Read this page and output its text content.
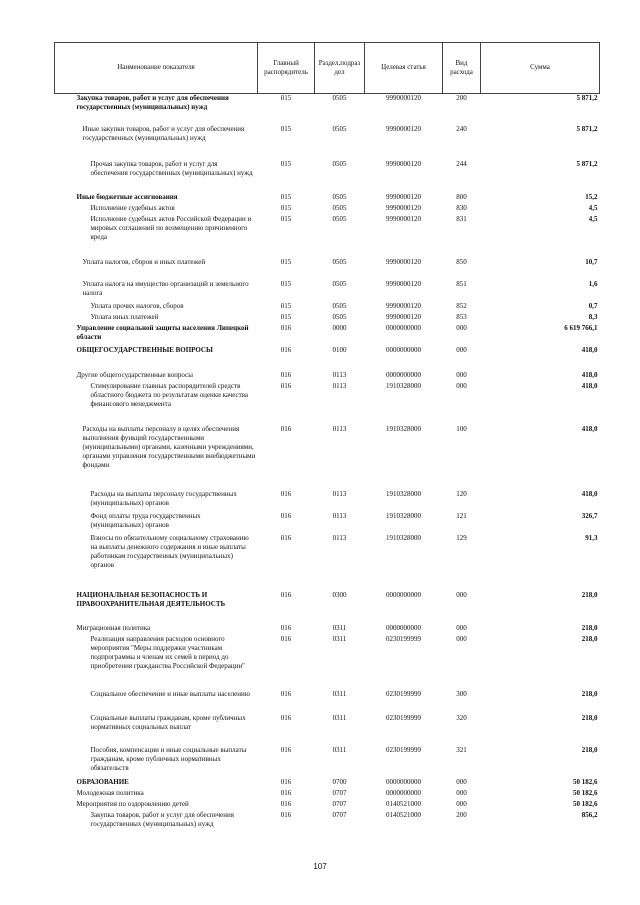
Наименование показателя	Главный распорядитель	Раздел,подраз дел	Целевая статья	Вид расхода	Сумма
Закупка товаров, работ и услуг для обеспечения государственных (муниципальных) нужд	015	0505	9990000120	200	5 871,2
Иные закупки товаров, работ и услуг для обеспечения государственных (муниципальных) нужд	015	0505	9990000120	240	5 871,2
Прочая закупка товаров, работ и услуг для обеспечения государственных (муниципальных) нужд	015	0505	9990000120	244	5 871,2
Иные бюджетные ассигнования	015	0505	9990000120	800	15,2
Исполнение судебных актов	015	0505	9990000120	830	4,5
Исполнение судебных актов Российской Федерации и мировых соглашений по возмещению причиненного вреда	015	0505	9990000120	831	4,5
Уплата налогов, сборов и иных платежей	015	0505	9990000120	850	10,7
Уплата налога на имущество организаций и земельного налога	015	0505	9990000120	851	1,6
Уплата прочих налогов, сборов	015	0505	9990000120	852	0,7
Уплата иных платежей	015	0505	9990000120	853	8,3
Управление социальной защиты населения Липецкой области	016	0000	0000000000	000	6 619 766,1
ОБЩЕГОСУДАРСТВЕННЫЕ ВОПРОСЫ	016	0100	0000000000	000	418,0
Другие общегосударственные вопросы	016	0113	0000000000	000	418,0
Стимулирование главных распорядителей средств областного бюджета по результатам оценки качества финансового менеджмента	016	0113	1910328000	000	418,0
Расходы на выплаты персоналу в целях обеспечения выполнения функций государственными (муниципальными) органами, казенными учреждениями, органами управления государственными внебюджетными фондами	016	0113	1910328000	100	418,0
Расходы на выплаты персоналу государственных (муниципальных) органов	016	0113	1910328000	120	418,0
Фонд оплаты труда государственных (муниципальных) органов	016	0113	1910328000	121	326,7
Взносы по обязательному социальному страхованию на выплаты денежного содержания и иные выплаты работникам государственных (муниципальных) органов	016	0113	1910328000	129	91,3
НАЦИОНАЛЬНАЯ БЕЗОПАСНОСТЬ И ПРАВООХРАНИТЕЛЬНАЯ ДЕЯТЕЛЬНОСТЬ	016	0300	0000000000	000	218,0
Миграционная политика	016	0311	0000000000	000	218,0
Реализация направления расходов основного мероприятия "Меры поддержки участникам подпрограммы и членам их семей в период до приобретения гражданства Российской Федерации"	016	0311	0230199999	000	218,0
Социальное обеспечение и иные выплаты населению	016	0311	0230199999	300	218,0
Социальные выплаты гражданам, кроме публичных нормативных социальных выплат	016	0311	0230199999	320	218,0
Пособия, компенсации и иные социальные выплаты гражданам, кроме публичных нормативных обязательств	016	0311	0230199999	321	218,0
ОБРАЗОВАНИЕ	016	0700	0000000000	000	50 182,6
Молодежная политика	016	0707	0000000000	000	50 182,6
Мероприятия по оздоровлению детей	016	0707	0140521000	000	50 182,6
Закупка товаров, работ и услуг для обеспечения государственных (муниципальных) нужд	016	0707	0140521000	200	856,2
107
